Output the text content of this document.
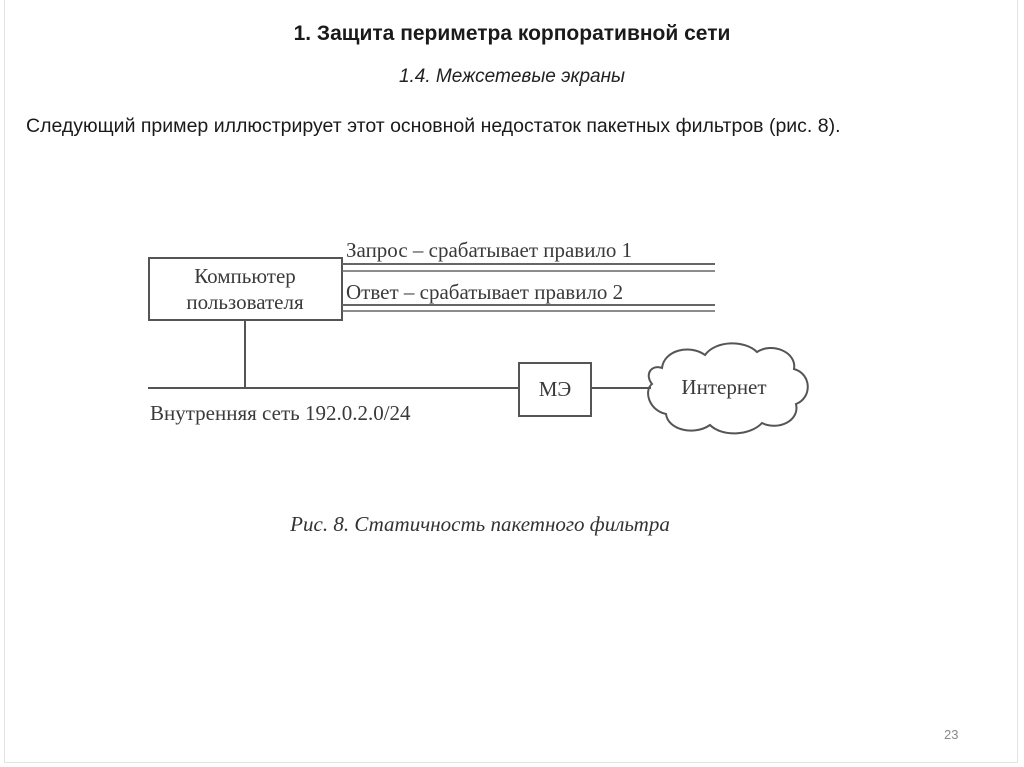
1. Защита периметра корпоративной сети
1.4. Межсетевые экраны
Следующий пример иллюстрирует этот основной недостаток пакетных фильтров (рис. 8).
Компьютер
пользователя
Запрос – срабатывает правило 1
Ответ – срабатывает правило 2
МЭ	Интернет
Внутренняя сеть 192.0.2.0/24
Рис. 8. Статичность пакетного фильтра
23
